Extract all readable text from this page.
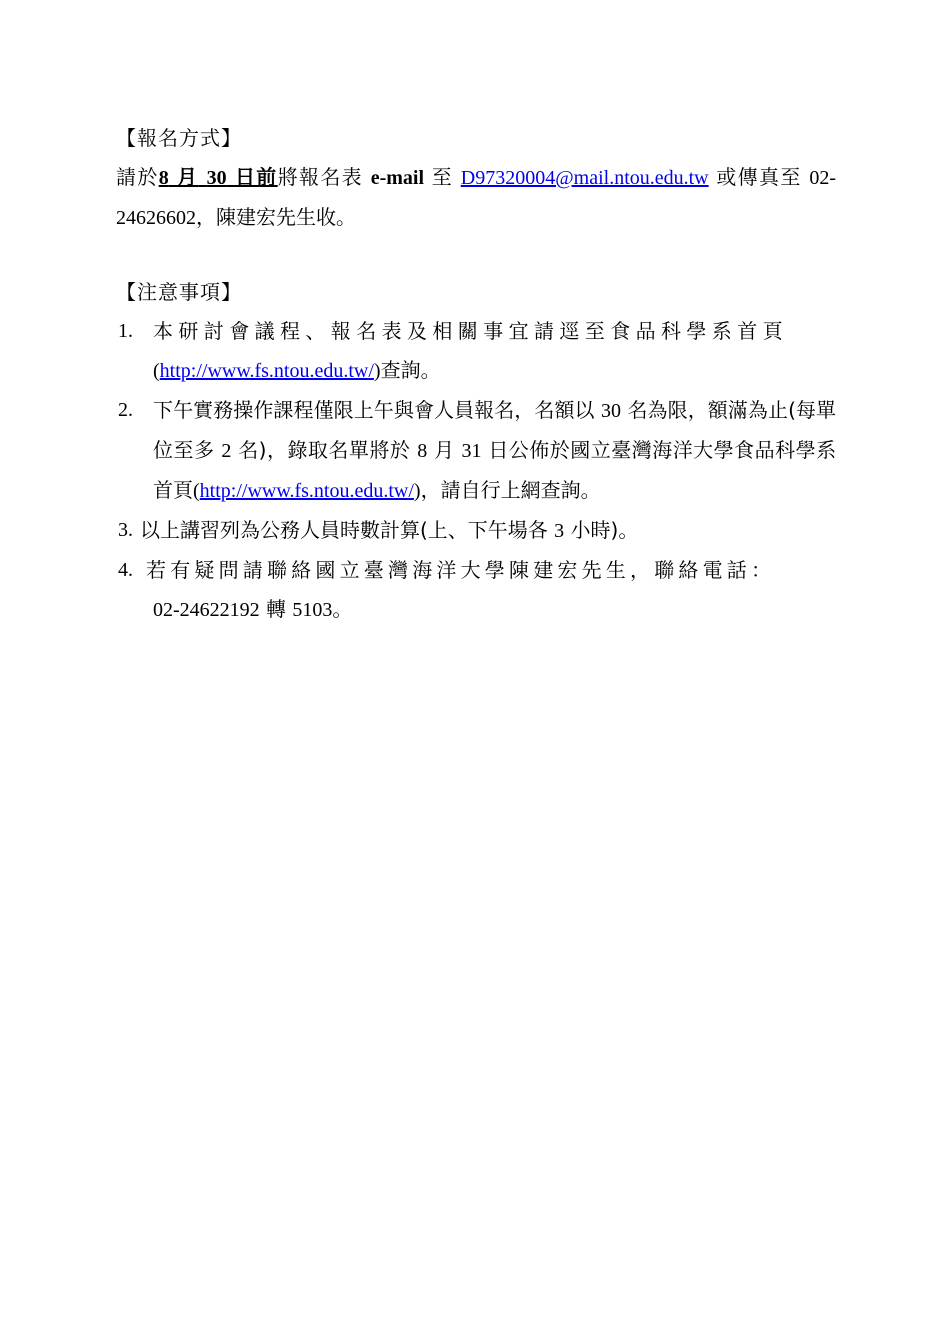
【報名方式】
請於8 月 30 日前將報名表 e-mail 至 D97320004@mail.ntou.edu.tw 或傳真至 02-24626602，陳建宏先生收。
【注意事項】
1. 本研討會議程、報名表及相關事宜請逕至食品科學系首頁
(http://www.fs.ntou.edu.tw/)查詢。
2.	下午實務操作課程僅限上午與會人員報名，名額以 30 名為限，額滿為止(每單位至多 2 名)，錄取名單將於 8 月 31 日公佈於國立臺灣海洋大學食品科學系首頁(http://www.fs.ntou.edu.tw/)，請自行上網查詢。
3. 以上講習列為公務人員時數計算(上、下午場各 3 小時)。
4. 若有疑問請聯絡國立臺灣海洋大學陳建宏先生，聯絡電話：
02-24622192 轉 5103。
